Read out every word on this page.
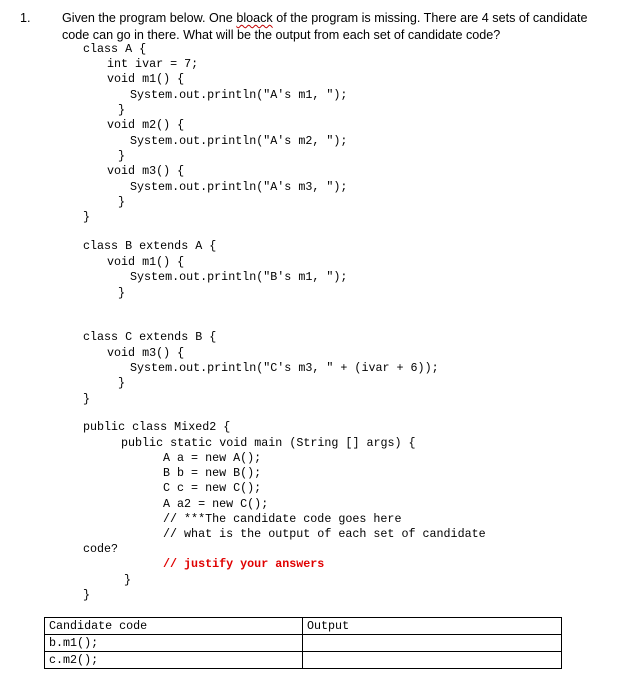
1. Given the program below. One bloack of the program is missing. There are 4 sets of candidate code can go in there. What will be the output from each set of candidate code?
class A {
int ivar = 7;
void m1() {
System.out.println("A's m1, ");
}
void m2() {
System.out.println("A's m2, ");
}
void m3() {
System.out.println("A's m3, ");
}
}
class B extends A {
void m1() {
System.out.println("B's m1, ");
}
class C extends B {
void m3() {
System.out.println("C's m3, " + (ivar + 6));
}
}
public class Mixed2 {
public static void main (String [] args) {
A a = new A();
B b = new B();
C c = new C();
A a2 = new C();
// ***The candidate code goes here
// what is the output of each set of candidate
code?
// justify your answers
}
}
Candidate code	Output
b.m1();	
c.m2();	
